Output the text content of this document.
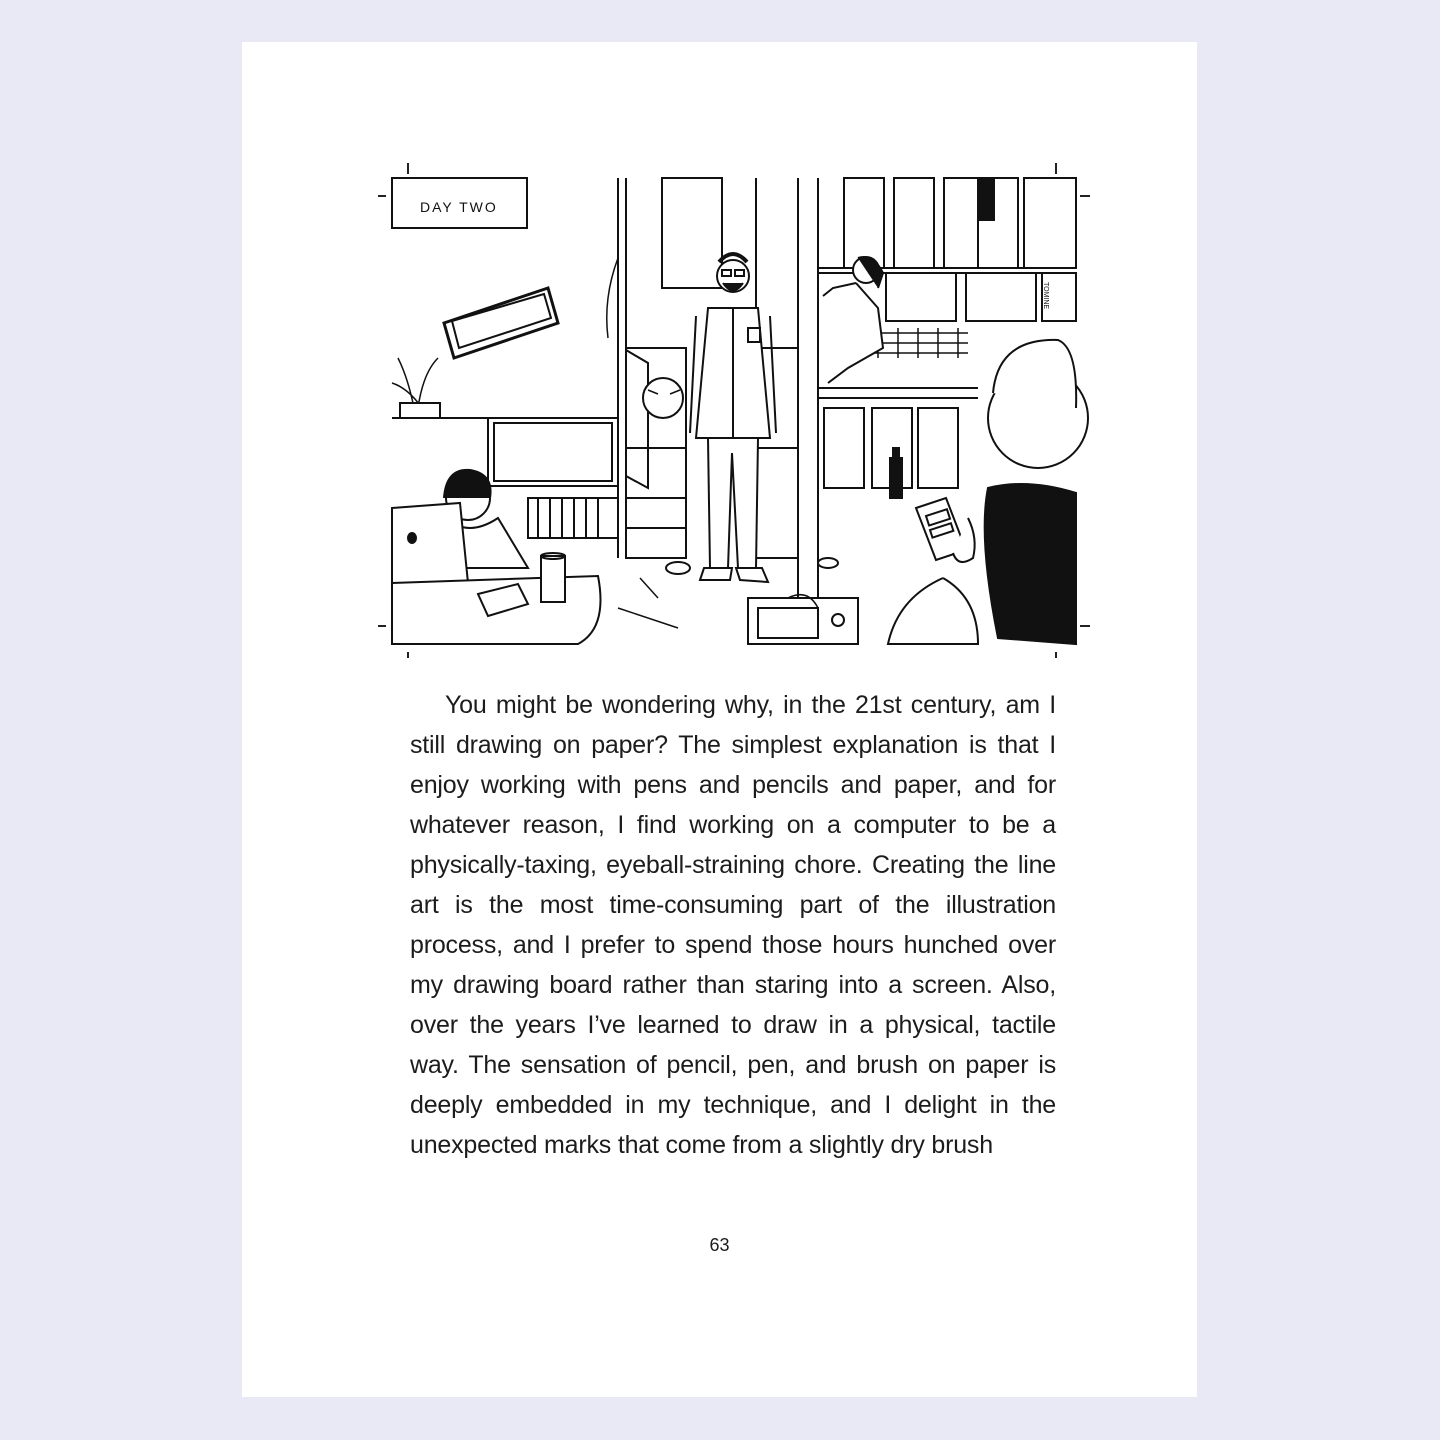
DAY TWO
TOMINE

You might be wondering why, in the 21st century, am I still drawing on paper? The simplest explanation is that I enjoy working with pens and pencils and paper, and for whatever reason, I find working on a computer to be a physically-taxing, eyeball-straining chore. Creating the line art is the most time-consuming part of the illustration process, and I prefer to spend those hours hunched over my drawing board rather than staring into a screen. Also, over the years I’ve learned to draw in a physical, tactile way. The sensation of pencil, pen, and brush on paper is deeply embedded in my technique, and I delight in the unexpected marks that come from a slightly dry brush

63
